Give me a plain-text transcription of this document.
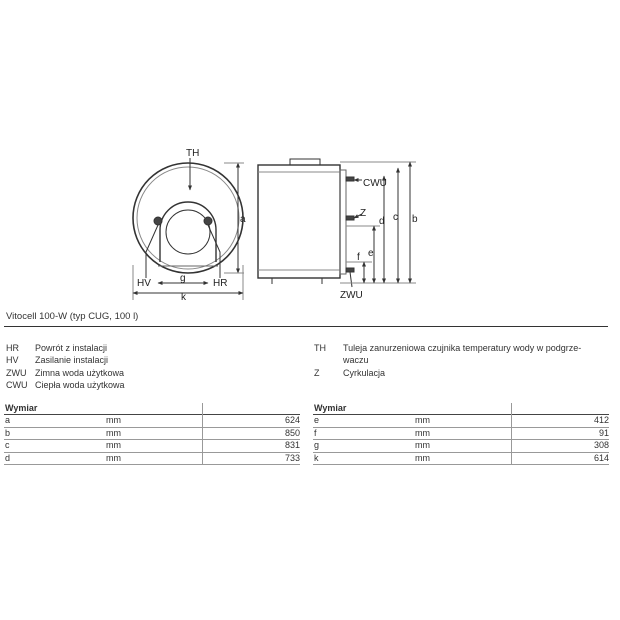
TH
a
g
k
HV	HR
CWU
Z
ZWU
b
c
d
e
f
Vitocell 100-W (typ CUG, 100 l)
HR	Powrót z instalacji
HV	Zasilanie instalacji
ZWU Zimna woda użytkowa
CWU Ciepła woda użytkowa
TH	Tuleja zanurzeniowa czujnika temperatury wody w podgrze-
waczu
Z	Cyrkulacja
Wymiar
a	mm	624
b	mm	850
c	mm	831
d	mm	733
Wymiar
e	mm	412
f	mm	91
g	mm	308
k	mm	614
